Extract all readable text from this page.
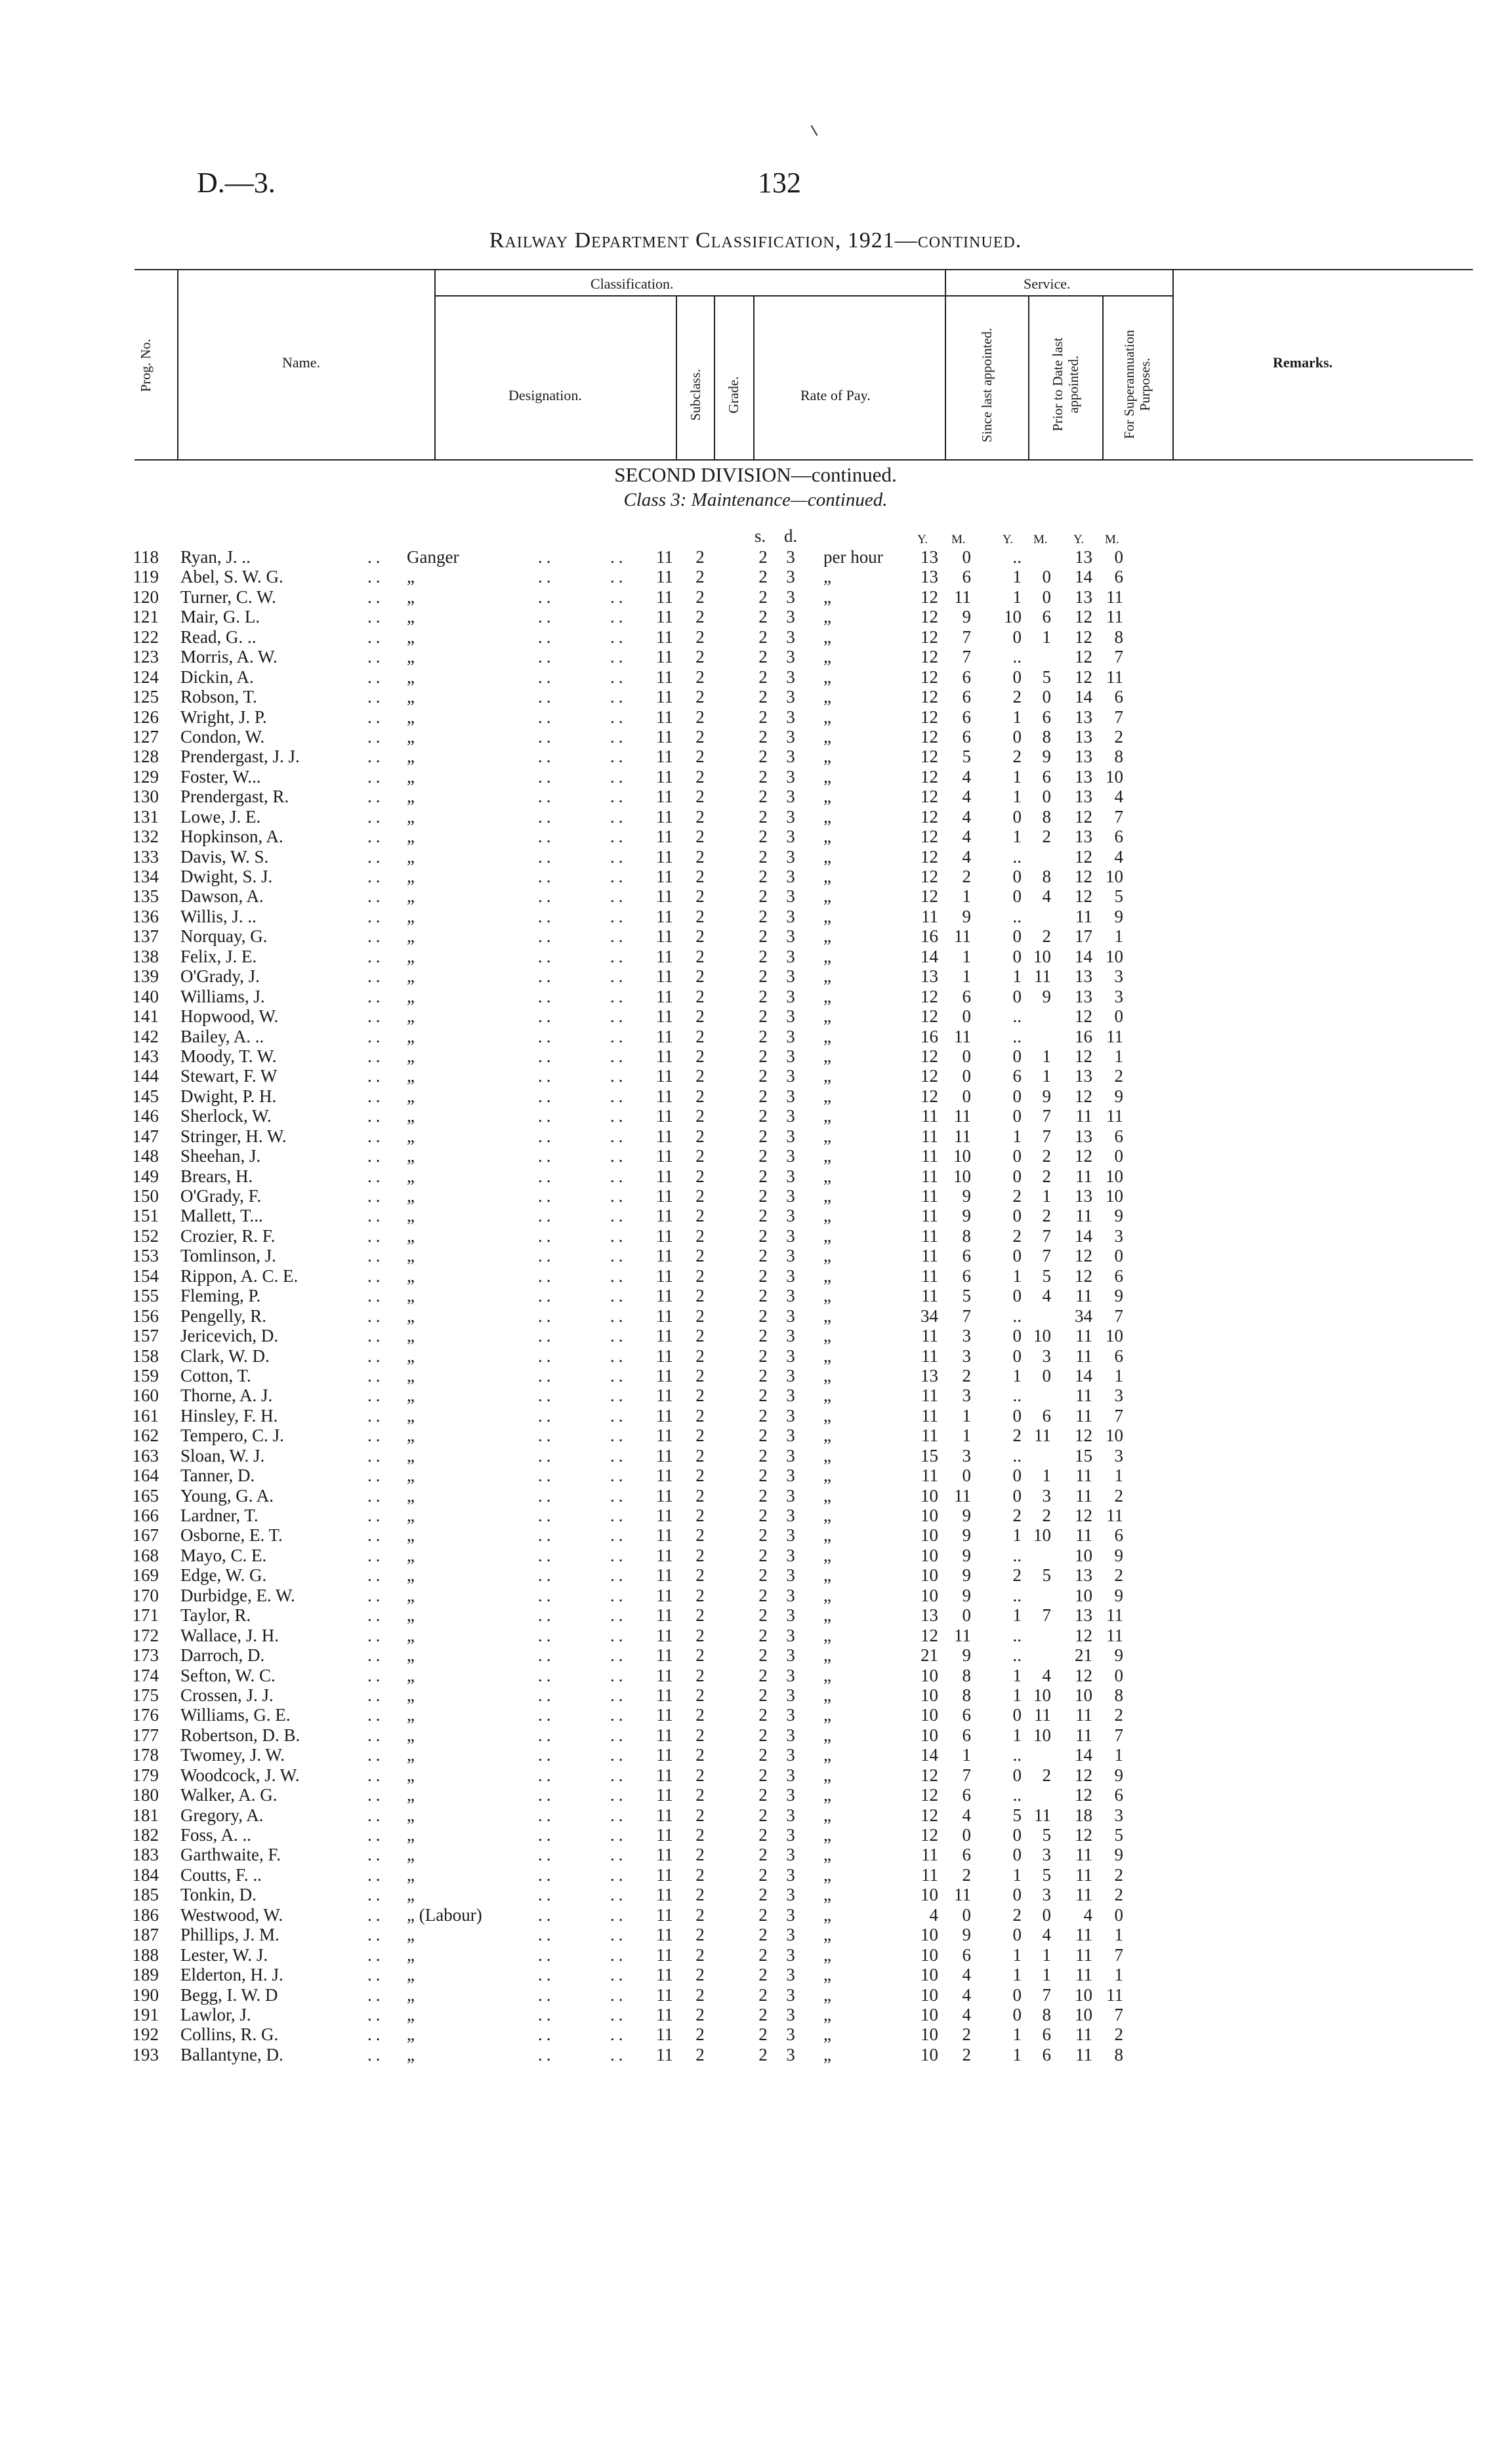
D.—3.	132
Railway Department Classification, 1921—continued.
Prog. No.	Name.
Classification.
Designation.	Subclass. Grade.	Rate of Pay.
Service.
Since last appointed.	Prior to Date last appointed.	For Superannuation Purposes.	Remarks.
SECOND DIVISION—continued.
Class 3: Maintenance—continued.
s. d.	Y. M.	Y. M. Y. M.
118 Ryan, J. ..	.. Ganger	..	.. 11 2	2	3	per hour	13	0	..	13	0
119 Abel, S. W. G.	.. „	..	.. 11 2	2	3	„	13	6	1	0	14	6
120 Turner, C. W.	.. „	..	.. 11 2	2	3	„	12 11	1	0	13 11
121 Mair, G. L.	.. „	..	.. 11 2	2	3	„	12	9	10	6	12 11
122 Read, G. ..	.. „	..	.. 11 2	2	3	„	12	7	0	1	12	8
123 Morris, A. W.	.. „	..	.. 11 2	2	3	„	12	7	..	12	7
124 Dickin, A.	.. „	..	.. 11 2	2	3	„	12	6	0	5	12 11
125 Robson, T.	.. „	..	.. 11 2	2	3	„	12	6	2	0	14	6
126 Wright, J. P.	.. „	..	.. 11 2	2	3	„	12	6	1	6	13	7
127 Condon, W.	.. „	..	.. 11 2	2	3	„	12	6	0	8	13	2
128 Prendergast, J. J.	.. „	..	.. 11 2	2	3	„	12	5	2	9	13	8
129 Foster, W...	.. „	..	.. 11 2	2	3	„	12	4	1	6	13 10
130 Prendergast, R.	.. „	..	.. 11 2	2	3	„	12	4	1	0	13	4
131 Lowe, J. E.	.. „	..	.. 11 2	2	3	„	12	4	0	8	12	7
132 Hopkinson, A.	.. „	..	.. 11 2	2	3	„	12	4	1	2	13	6
133 Davis, W. S.	.. „	..	.. 11 2	2	3	„	12	4	..	12	4
134 Dwight, S. J.	.. „	..	.. 11 2	2	3	„	12	2	0	8	12 10
135 Dawson, A.	.. „	..	.. 11 2	2	3	„	12	1	0	4	12	5
136 Willis, J. ..	.. „	..	.. 11 2	2	3	„	11	9	..	11	9
137 Norquay, G.	.. „	..	.. 11 2	2	3	„	16 11	0	2	17	1
138 Felix, J. E.	.. „	..	.. 11 2	2	3	„	14	1	0 10	14 10
139 O'Grady, J.	.. „	..	.. 11 2	2	3	„	13	1	1 11	13	3
140 Williams, J.	.. „	..	.. 11 2	2	3	„	12	6	0	9	13	3
141 Hopwood, W.	.. „	..	.. 11 2	2	3	„	12	0	..	12	0
142 Bailey, A. ..	.. „	..	.. 11 2	2	3	„	16 11	..	16 11
143 Moody, T. W.	.. „	..	.. 11 2	2	3	„	12	0	0	1	12	1
144 Stewart, F. W	.. „	..	.. 11 2	2	3	„	12	0	6	1	13	2
145 Dwight, P. H.	.. „	..	.. 11 2	2	3	„	12	0	0	9	12	9
146 Sherlock, W.	.. „	..	.. 11 2	2	3	„	11 11	0	7	11 11
147 Stringer, H. W.	.. „	..	.. 11 2	2	3	„	11 11	1	7	13	6
148 Sheehan, J.	.. „	..	.. 11 2	2	3	„	11 10	0	2	12	0
149 Brears, H.	.. „	..	.. 11 2	2	3	„	11 10	0	2	11 10
150 O'Grady, F.	.. „	..	.. 11 2	2	3	„	11	9	2	1	13 10
151 Mallett, T...	.. „	..	.. 11 2	2	3	„	11	9	0	2	11	9
152 Crozier, R. F.	.. „	..	.. 11 2	2	3	„	11	8	2	7	14	3
153 Tomlinson, J.	.. „	..	.. 11 2	2	3	„	11	6	0	7	12	0
154 Rippon, A. C. E.	.. „	..	.. 11 2	2	3	„	11	6	1	5	12	6
155 Fleming, P.	.. „	..	.. 11 2	2	3	„	11	5	0	4	11	9
156 Pengelly, R.	.. „	..	.. 11 2	2	3	„	34	7	..	34	7
157 Jericevich, D.	.. „	..	.. 11 2	2	3	„	11	3	0 10	11 10
158 Clark, W. D.	.. „	..	.. 11 2	2	3	„	11	3	0	3	11	6
159 Cotton, T.	.. „	..	.. 11 2	2	3	„	13	2	1	0	14	1
160 Thorne, A. J.	.. „	..	.. 11 2	2	3	„	11	3	..	11	3
161 Hinsley, F. H.	.. „	..	.. 11 2	2	3	„	11	1	0	6	11	7
162 Tempero, C. J.	.. „	..	.. 11 2	2	3	„	11	1	2 11	12 10
163 Sloan, W. J.	.. „	..	.. 11 2	2	3	„	15	3	..	15	3
164 Tanner, D.	.. „	..	.. 11 2	2	3	„	11	0	0	1	11	1
165 Young, G. A.	.. „	..	.. 11 2	2	3	„	10 11	0	3	11	2
166 Lardner, T.	.. „	..	.. 11 2	2	3	„	10	9	2	2	12 11
167 Osborne, E. T.	.. „	..	.. 11 2	2	3	„	10	9	1 10	11	6
168 Mayo, C. E.	.. „	..	.. 11 2	2	3	„	10	9	..	10	9
169 Edge, W. G.	.. „	..	.. 11 2	2	3	„	10	9	2	5	13	2
170 Durbidge, E. W.	.. „	..	.. 11 2	2	3	„	10	9	..	10	9
171 Taylor, R.	.. „	..	.. 11 2	2	3	„	13	0	1	7	13 11
172 Wallace, J. H.	.. „	..	.. 11 2	2	3	„	12 11	..	12 11
173 Darroch, D.	.. „	..	.. 11 2	2	3	„	21	9	..	21	9
174 Sefton, W. C.	.. „	..	.. 11 2	2	3	„	10	8	1	4	12	0
175 Crossen, J. J.	.. „	..	.. 11 2	2	3	„	10	8	1 10	10	8
176 Williams, G. E.	.. „	..	.. 11 2	2	3	„	10	6	0 11	11	2
177 Robertson, D. B.	.. „	..	.. 11 2	2	3	„	10	6	1 10	11	7
178 Twomey, J. W.	.. „	..	.. 11 2	2	3	„	14	1	..	14	1
179 Woodcock, J. W.	.. „	..	.. 11 2	2	3	„	12	7	0	2	12	9
180 Walker, A. G.	.. „	..	.. 11 2	2	3	„	12	6	..	12	6
181 Gregory, A.	.. „	..	.. 11 2	2	3	„	12	4	5 11	18	3
182 Foss, A. ..	.. „	..	.. 11 2	2	3	„	12	0	0	5	12	5
183 Garthwaite, F.	.. „	..	.. 11 2	2	3	„	11	6	0	3	11	9
184 Coutts, F. ..	.. „	..	.. 11 2	2	3	„	11	2	1	5	11	2
185 Tonkin, D.	.. „	..	.. 11 2	2	3	„	10 11	0	3	11	2
186 Westwood, W.	.. „ (Labour)	..	.. 11 2	2	3	„	4	0	2	0	4	0
187 Phillips, J. M.	.. „	..	.. 11 2	2	3	„	10	9	0	4	11	1
188 Lester, W. J.	.. „	..	.. 11 2	2	3	„	10	6	1	1	11	7
189 Elderton, H. J.	.. „	..	.. 11 2	2	3	„	10	4	1	1	11	1
190 Begg, I. W. D	.. „	..	.. 11 2	2	3	„	10	4	0	7	10 11
191 Lawlor, J.	.. „	..	.. 11 2	2	3	„	10	4	0	8	10	7
192 Collins, R. G.	.. „	..	.. 11 2	2	3	„	10	2	1	6	11	2
193 Ballantyne, D.	.. „	..	.. 11 2	2	3	„	10	2	1	6	11	8
